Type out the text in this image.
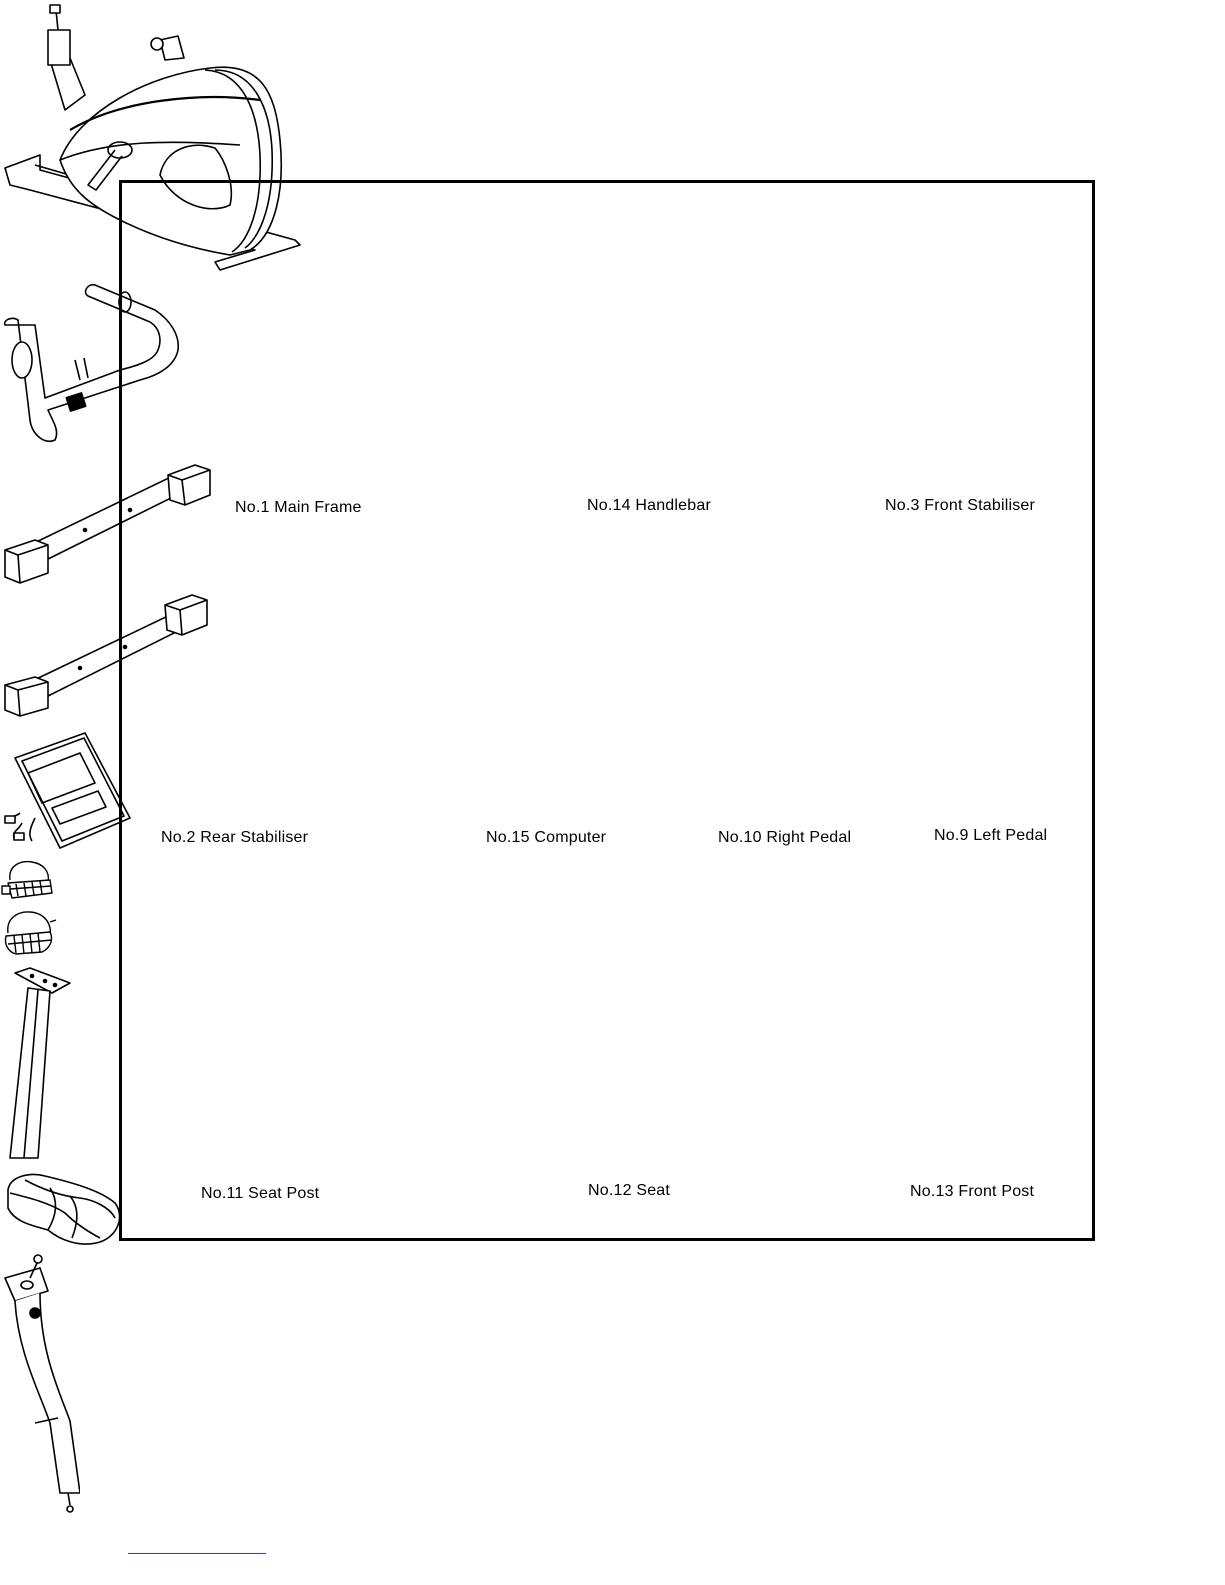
No.1 Main Frame	No.14 Handlebar	No.3 Front Stabiliser
No.2 Rear Stabiliser	No.15 Computer	No.10 Right Pedal	No.9 Left Pedal
No.11 Seat Post	No.12 Seat	No.13 Front Post
